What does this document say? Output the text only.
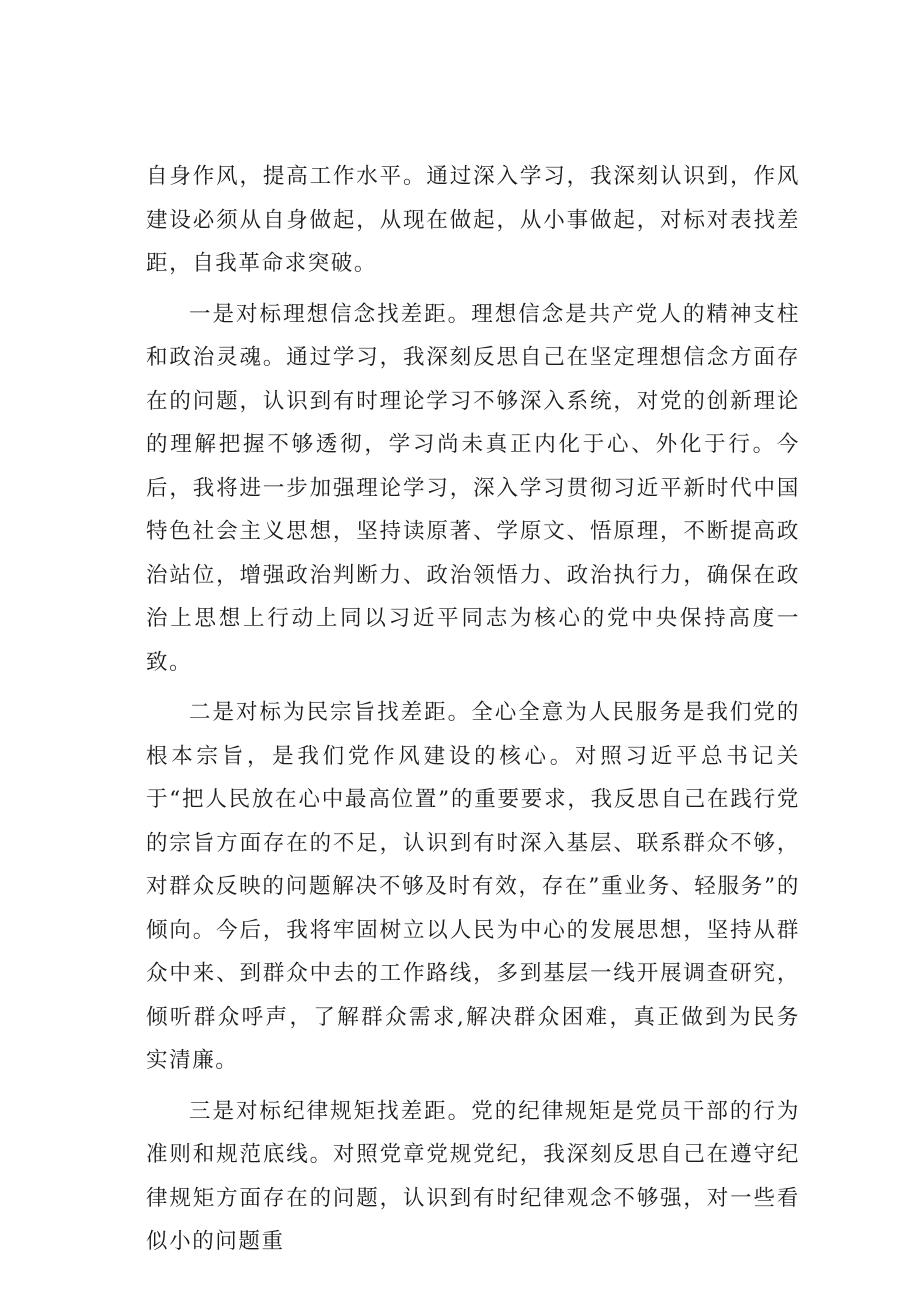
自身作风，提高工作水平。通过深入学习，我深刻认识到，作风建设必须从自身做起，从现在做起，从小事做起，对标对表找差距，自我革命求突破。

一是对标理想信念找差距。理想信念是共产党人的精神支柱和政治灵魂。通过学习，我深刻反思自己在坚定理想信念方面存在的问题，认识到有时理论学习不够深入系统，对党的创新理论的理解把握不够透彻，学习尚未真正内化于心、外化于行。今后，我将进一步加强理论学习，深入学习贯彻习近平新时代中国特色社会主义思想，坚持读原著、学原文、悟原理，不断提高政治站位，增强政治判断力、政治领悟力、政治执行力，确保在政治上思想上行动上同以习近平同志为核心的党中央保持高度一致。

二是对标为民宗旨找差距。全心全意为人民服务是我们党的根本宗旨，是我们党作风建设的核心。对照习近平总书记关于“把人民放在心中最高位置”的重要要求，我反思自己在践行党的宗旨方面存在的不足，认识到有时深入基层、联系群众不够，对群众反映的问题解决不够及时有效，存在”重业务、轻服务”的倾向。今后，我将牢固树立以人民为中心的发展思想，坚持从群众中来、到群众中去的工作路线，多到基层一线开展调查研究，倾听群众呼声，了解群众需求,解决群众困难，真正做到为民务实清廉。

三是对标纪律规矩找差距。党的纪律规矩是党员干部的行为准则和规范底线。对照党章党规党纪，我深刻反思自己在遵守纪律规矩方面存在的问题，认识到有时纪律观念不够强，对一些看似小的问题重
